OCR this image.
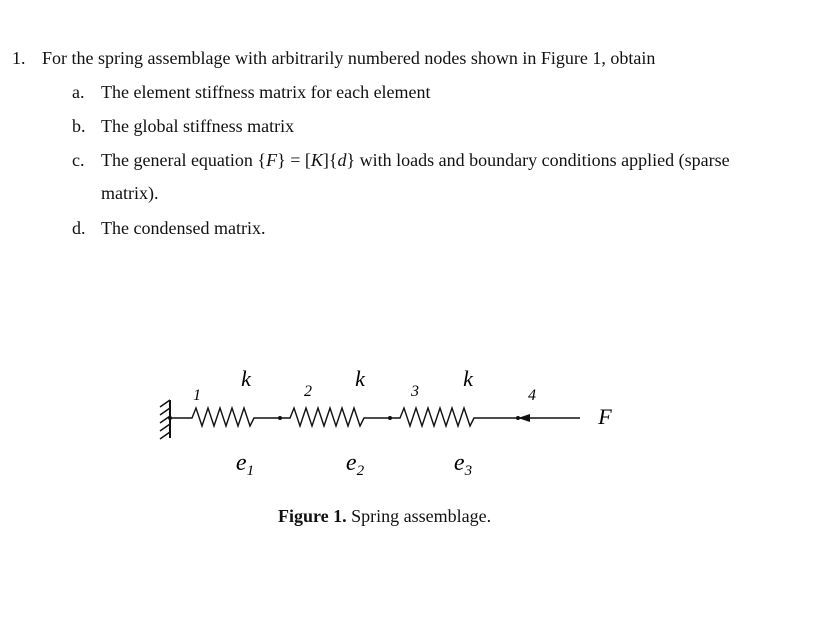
1. For the spring assemblage with arbitrarily numbered nodes shown in Figure 1, obtain
a. The element stiffness matrix for each element
b. The global stiffness matrix
c. The general equation {F} = [K]{d} with loads and boundary conditions applied (sparse
matrix).
d. The condensed matrix.
k	k	k
1	2	3	4
$e_1$	$e_2$	$e_3$
F
Figure 1. Spring assemblage.
